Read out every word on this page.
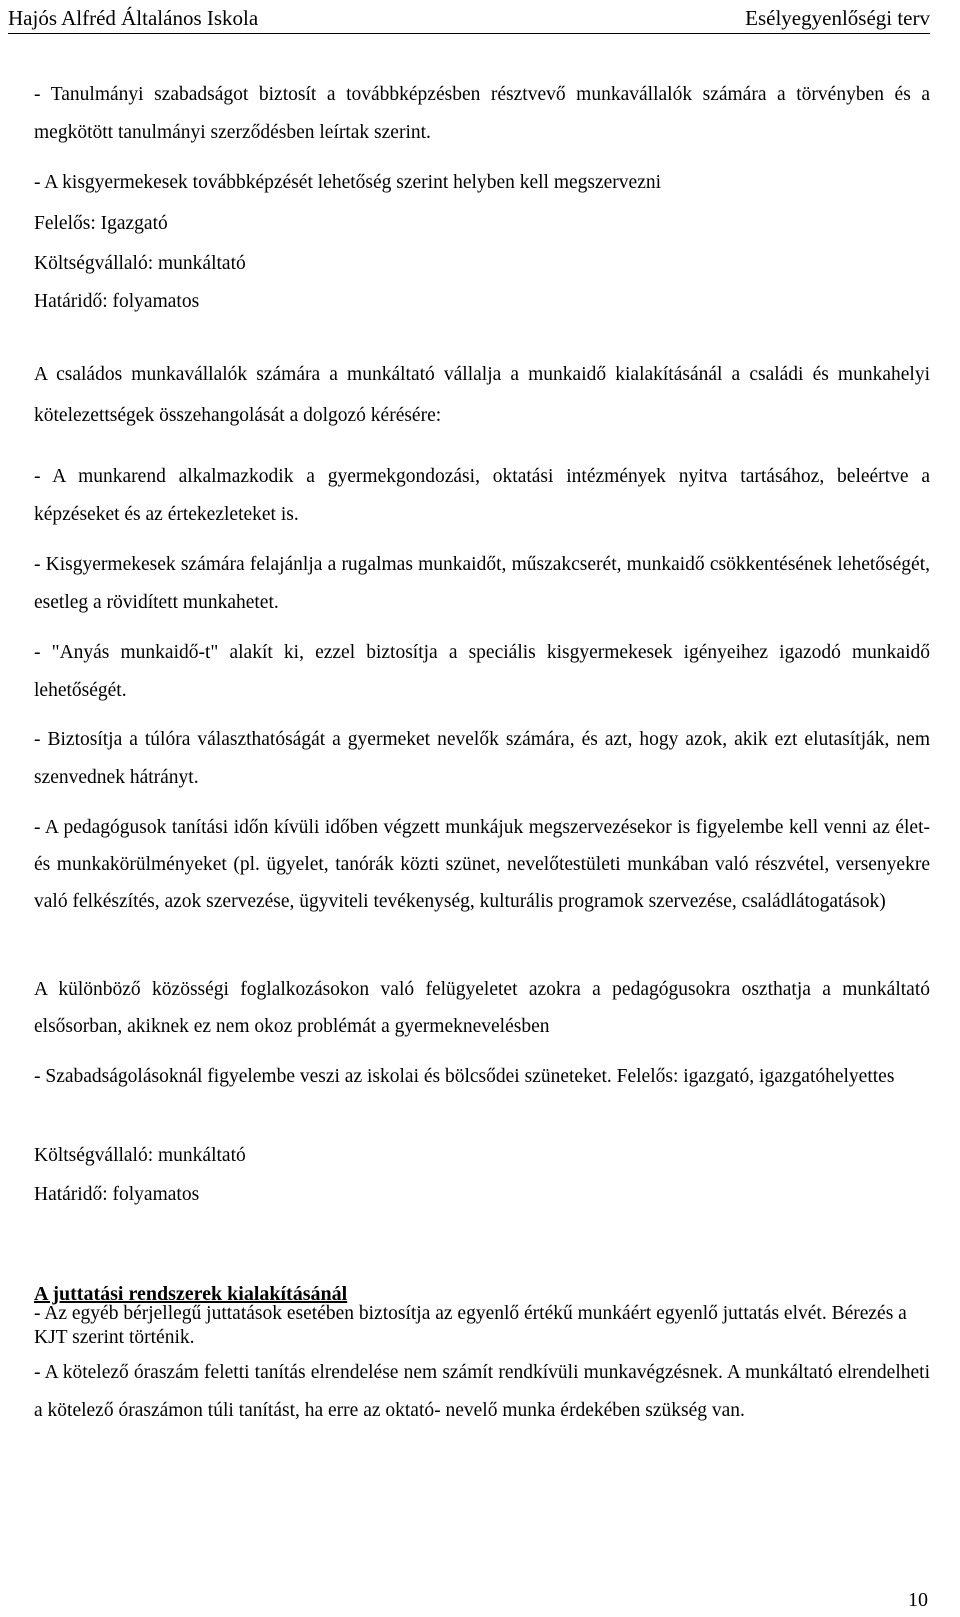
Hajós Alfréd Általános Iskola	Esélyegyenlőségi terv

- Tanulmányi szabadságot biztosít a továbbképzésben résztvevő munkavállalók számára a törvényben és a megkötött tanulmányi szerződésben leírtak szerint.

- A kisgyermekesek továbbképzését lehetőség szerint helyben kell megszervezni

Felelős: Igazgató

Költségvállaló: munkáltató

Határidő: folyamatos

A családos munkavállalók számára a munkáltató vállalja a munkaidő kialakításánál a családi és munkahelyi kötelezettségek összehangolását a dolgozó kérésére:

- A munkarend alkalmazkodik a gyermekgondozási, oktatási intézmények nyitva tartásához, beleértve a képzéseket és az értekezleteket is.

- Kisgyermekesek számára felajánlja a rugalmas munkaidőt, műszakcserét, munkaidő csökkentésének lehetőségét, esetleg a rövidített munkahetet.

- "Anyás munkaidő-t" alakít ki, ezzel biztosítja a speciális kisgyermekesek igényeihez igazodó munkaidő lehetőségét.

- Biztosítja a túlóra választhatóságát a gyermeket nevelők számára, és azt, hogy azok, akik ezt elutasítják, nem szenvednek hátrányt.

- A pedagógusok tanítási időn kívüli időben végzett munkájuk megszervezésekor is figyelembe kell venni az élet-és munkakörülményeket (pl. ügyelet, tanórák közti szünet, nevelőtestületi munkában való részvétel, versenyekre való felkészítés, azok szervezése, ügyviteli tevékenység, kulturális programok szervezése, családlátogatások)

A különböző közösségi foglalkozásokon való felügyeletet azokra a pedagógusokra oszthatja a munkáltató elsősorban, akiknek ez nem okoz problémát a gyermeknevelésben

- Szabadságolásoknál figyelembe veszi az iskolai és bölcsődei szüneteket. Felelős: igazgató, igazgatóhelyettes

Költségvállaló: munkáltató

Határidő: folyamatos

A juttatási rendszerek kialakításánál

- Az egyéb bérjellegű juttatások esetében biztosítja az egyenlő értékű munkáért egyenlő juttatás elvét. Bérezés a KJT szerint történik.

- A kötelező óraszám feletti tanítás elrendelése nem számít rendkívüli munkavégzésnek. A munkáltató elrendelheti a kötelező óraszámon túli tanítást, ha erre az oktató- nevelő munka érdekében szükség van.

10
